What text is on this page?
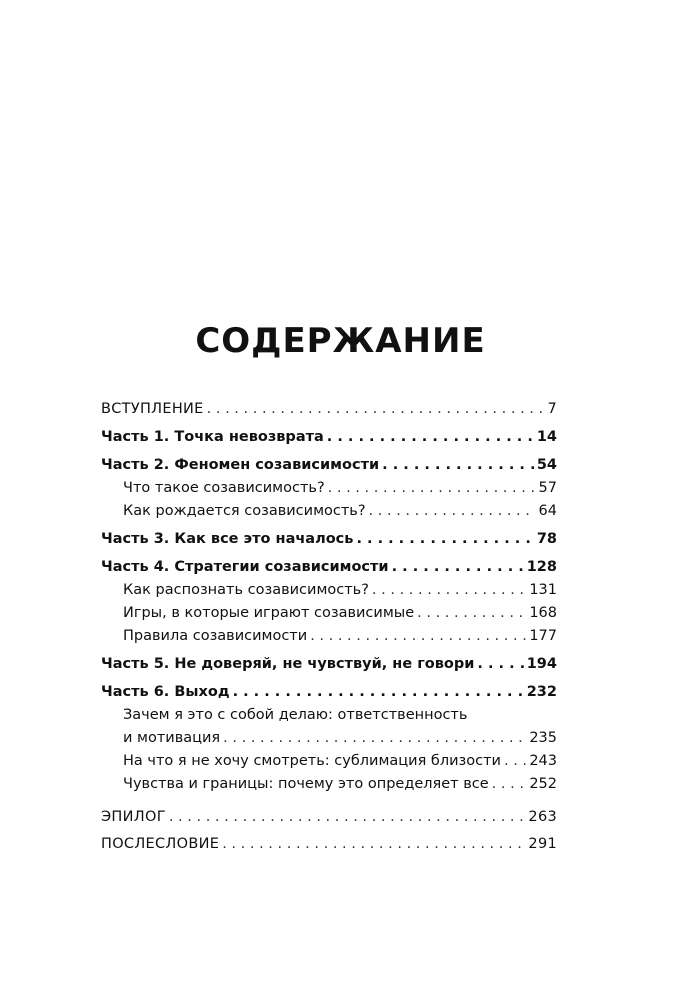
СОДЕРЖАНИЕ
ВСТУПЛЕНИЕ . . .	7
Часть 1. Точка невозврата . . .	14
Часть 2. Феномен созависимости . . .	54
Что такое созависимость? . . .	57
Как рождается созависимость? . . .	64
Часть 3. Как все это началось . . .	78
Часть 4. Стратегии созависимости . . .	128
Как распознать созависимость? . . .	131
Игры, в которые играют созависимые . . .	168
Правила созависимости . . .	177
Часть 5. Не доверяй, не чувствуй, не говори . . .	194
Часть 6. Выход . . .	232
Зачем я это с собой делаю: ответственность
и мотивация . . .	235
На что я не хочу смотреть: сублимация близости . . . 243
Чувства и границы: почему это определяет все . . .	252
ЭПИЛОГ . . .	263
ПОСЛЕСЛОВИЕ . . .	291
